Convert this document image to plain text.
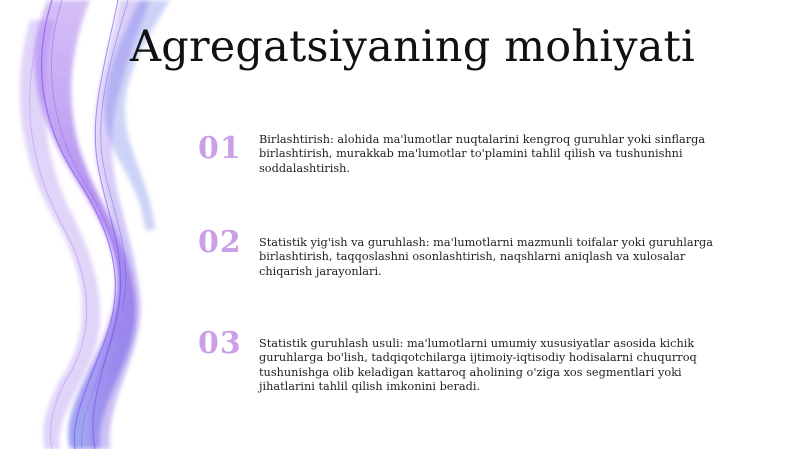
Agregatsiyaning mohiyati
01	Birlashtirish: alohida ma'lumotlar nuqtalarini kengroq guruhlar yoki sinflarga birlashtirish, murakkab ma'lumotlar to'plamini tahlil qilish va tushunishni soddalashtirish.
02	Statistik yig'ish va guruhlash: ma'lumotlarni mazmunli toifalar yoki guruhlarga birlashtirish, taqqoslashni osonlashtirish, naqshlarni aniqlash va xulosalar chiqarish jarayonlari.
03	Statistik guruhlash usuli: ma'lumotlarni umumiy xususiyatlar asosida kichik guruhlarga bo'lish, tadqiqotchilarga ijtimoiy-iqtisodiy hodisalarni chuqurroq tushunishga olib keladigan kattaroq aholining o'ziga xos segmentlari yoki jihatlarini tahlil qilish imkonini beradi.
